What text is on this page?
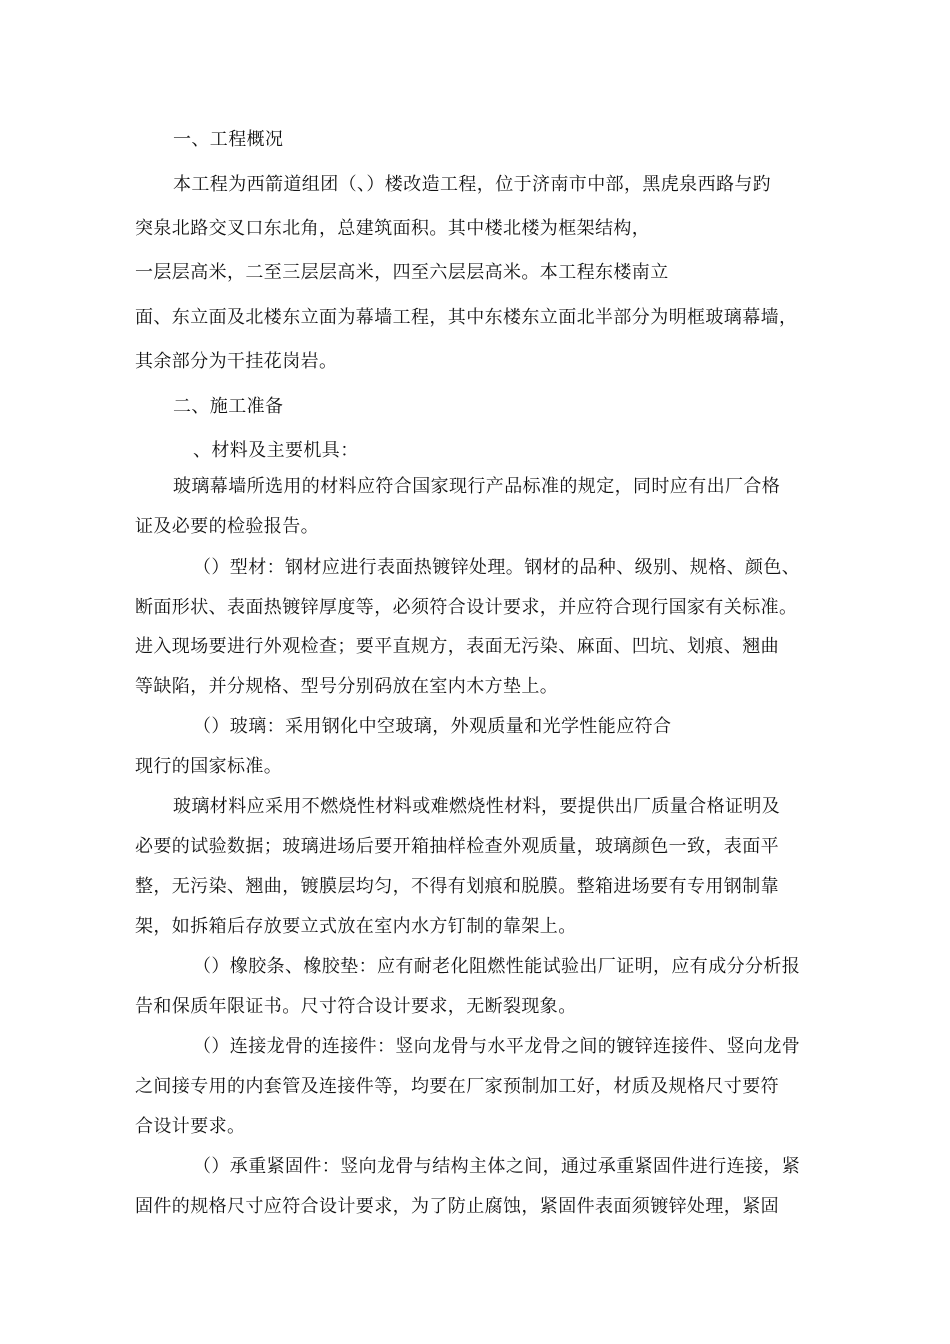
一、工程概况
本工程为西箭道组团（、）楼改造工程，位于济南市中部，黑虎泉西路与趵
突泉北路交叉口东北角，总建筑面积。其中楼北楼为框架结构，
一层层高米，二至三层层高米，四至六层层高米。本工程东楼南立
面、东立面及北楼东立面为幕墙工程，其中东楼东立面北半部分为明框玻璃幕墙，
其余部分为干挂花岗岩。
二、施工准备
、材料及主要机具：
玻璃幕墙所选用的材料应符合国家现行产品标准的规定，同时应有出厂合格
证及必要的检验报告。
（）型材：钢材应进行表面热镀锌处理。钢材的品种、级别、规格、颜色、
断面形状、表面热镀锌厚度等，必须符合设计要求，并应符合现行国家有关标准。
进入现场要进行外观检查；要平直规方，表面无污染、麻面、凹坑、划痕、翘曲
等缺陷，并分规格、型号分别码放在室内木方垫上。
（）玻璃：采用钢化中空玻璃，外观质量和光学性能应符合
现行的国家标准。
玻璃材料应采用不燃烧性材料或难燃烧性材料，要提供出厂质量合格证明及
必要的试验数据；玻璃进场后要开箱抽样检查外观质量，玻璃颜色一致，表面平
整，无污染、翘曲，镀膜层均匀，不得有划痕和脱膜。整箱进场要有专用钢制靠
架，如拆箱后存放要立式放在室内水方钉制的靠架上。
（）橡胶条、橡胶垫：应有耐老化阻燃性能试验出厂证明，应有成分分析报
告和保质年限证书。尺寸符合设计要求，无断裂现象。
（）连接龙骨的连接件：竖向龙骨与水平龙骨之间的镀锌连接件、竖向龙骨
之间接专用的内套管及连接件等，均要在厂家预制加工好，材质及规格尺寸要符
合设计要求。
（）承重紧固件：竖向龙骨与结构主体之间，通过承重紧固件进行连接，紧
固件的规格尺寸应符合设计要求，为了防止腐蚀，紧固件表面须镀锌处理，紧固
